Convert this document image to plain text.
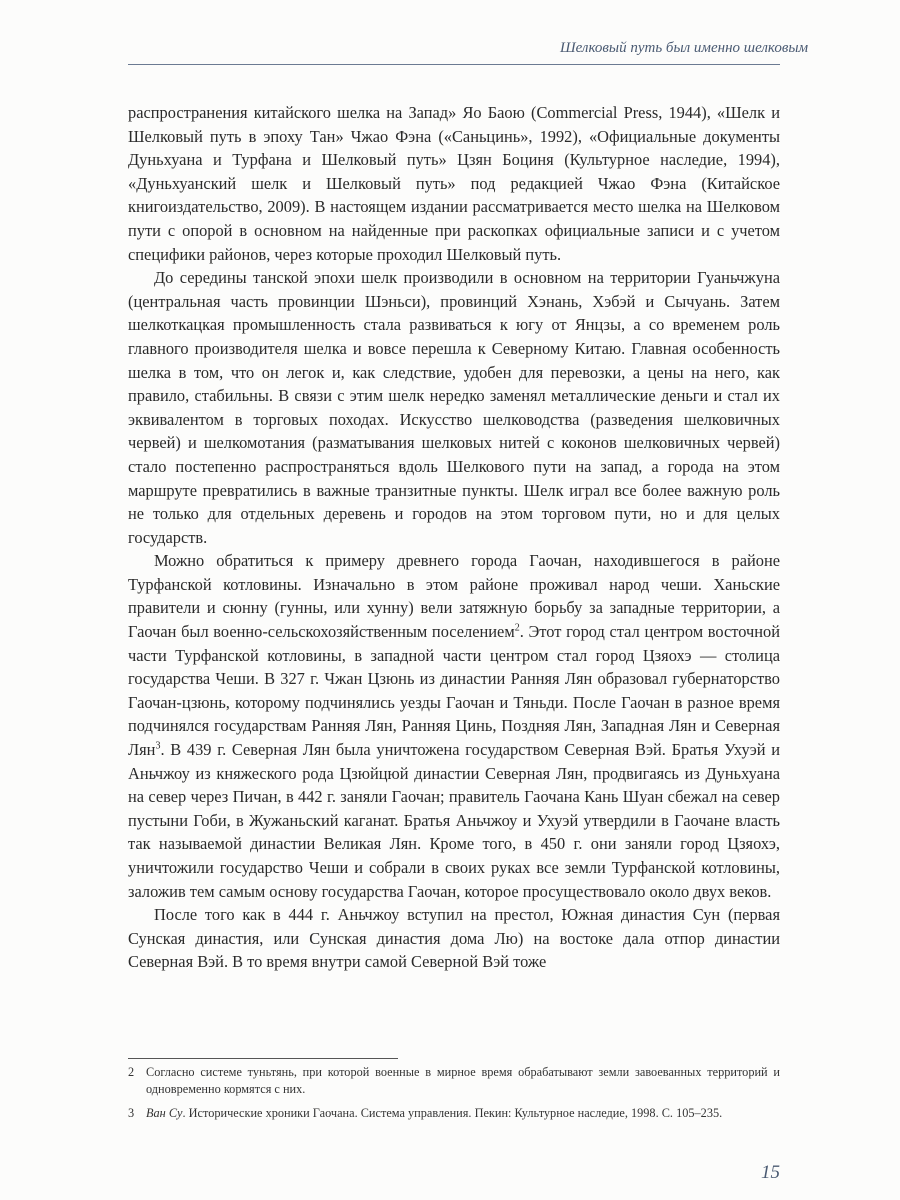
Шелковый путь был именно шелковым

распространения китайского шелка на Запад» Яо Баою (Commercial Press, 1944), «Шелк и Шелковый путь в эпоху Тан» Чжао Фэна («Саньцинь», 1992), «Официальные документы Дуньхуана и Турфана и Шелковый путь» Цзян Боциня (Культурное наследие, 1994), «Дуньхуанский шелк и Шелковый путь» под редакцией Чжао Фэна (Китайское книгоиздательство, 2009). В настоящем издании рассматривается место шелка на Шелковом пути с опорой в основном на найденные при раскопках официальные записи и с учетом специфики районов, через которые проходил Шелковый путь.

До середины танской эпохи шелк производили в основном на территории Гуаньчжуна (центральная часть провинции Шэньси), провинций Хэнань, Хэбэй и Сычуань. Затем шелкоткацкая промышленность стала развиваться к югу от Янцзы, а со временем роль главного производителя шелка и вовсе перешла к Северному Китаю. Главная особенность шелка в том, что он легок и, как следствие, удобен для перевозки, а цены на него, как правило, стабильны. В связи с этим шелк нередко заменял металлические деньги и стал их эквивалентом в торговых походах. Искусство шелководства (разведения шелковичных червей) и шелкомотания (разматывания шелковых нитей с коконов шелковичных червей) стало постепенно распространяться вдоль Шелкового пути на запад, а города на этом маршруте превратились в важные транзитные пункты. Шелк играл все более важную роль не только для отдельных деревень и городов на этом торговом пути, но и для целых государств.

Можно обратиться к примеру древнего города Гаочан, находившегося в районе Турфанской котловины. Изначально в этом районе проживал народ чеши. Ханьские правители и сюнну (гунны, или хунну) вели затяжную борьбу за западные территории, а Гаочан был военно-сельскохозяйственным поселением$^2$. Этот город стал центром восточной части Турфанской котловины, в западной части центром стал город Цзяохэ — столица государства Чеши. В 327 г. Чжан Цзюнь из династии Ранняя Лян образовал губернаторство Гаочан-цзюнь, которому подчинялись уезды Гаочан и Тяньди. После Гаочан в разное время подчинялся государствам Ранняя Лян, Ранняя Цинь, Поздняя Лян, Западная Лян и Северная Лян$^3$. В 439 г. Северная Лян была уничтожена государством Северная Вэй. Братья Ухуэй и Аньчжоу из княжеского рода Цзюйцюй династии Северная Лян, продвигаясь из Дуньхуана на север через Пичан, в 442 г. заняли Гаочан; правитель Гаочана Кань Шуан сбежал на север пустыни Гоби, в Жужаньский каганат. Братья Аньчжоу и Ухуэй утвердили в Гаочане власть так называемой династии Великая Лян. Кроме того, в 450 г. они заняли город Цзяохэ, уничтожили государство Чеши и собрали в своих руках все земли Турфанской котловины, заложив тем самым основу государства Гаочан, которое просуществовало около двух веков.

После того как в 444 г. Аньчжоу вступил на престол, Южная династия Сун (первая Сунская династия, или Сунская династия дома Лю) на востоке дала отпор династии Северная Вэй. В то время внутри самой Северной Вэй тоже

2 Согласно системе туньтянь, при которой военные в мирное время обрабатывают земли завоеванных территорий и одновременно кормятся с них.
3 Ван Су. Исторические хроники Гаочана. Система управления. Пекин: Культурное наследие, 1998. С. 105–235.
15
